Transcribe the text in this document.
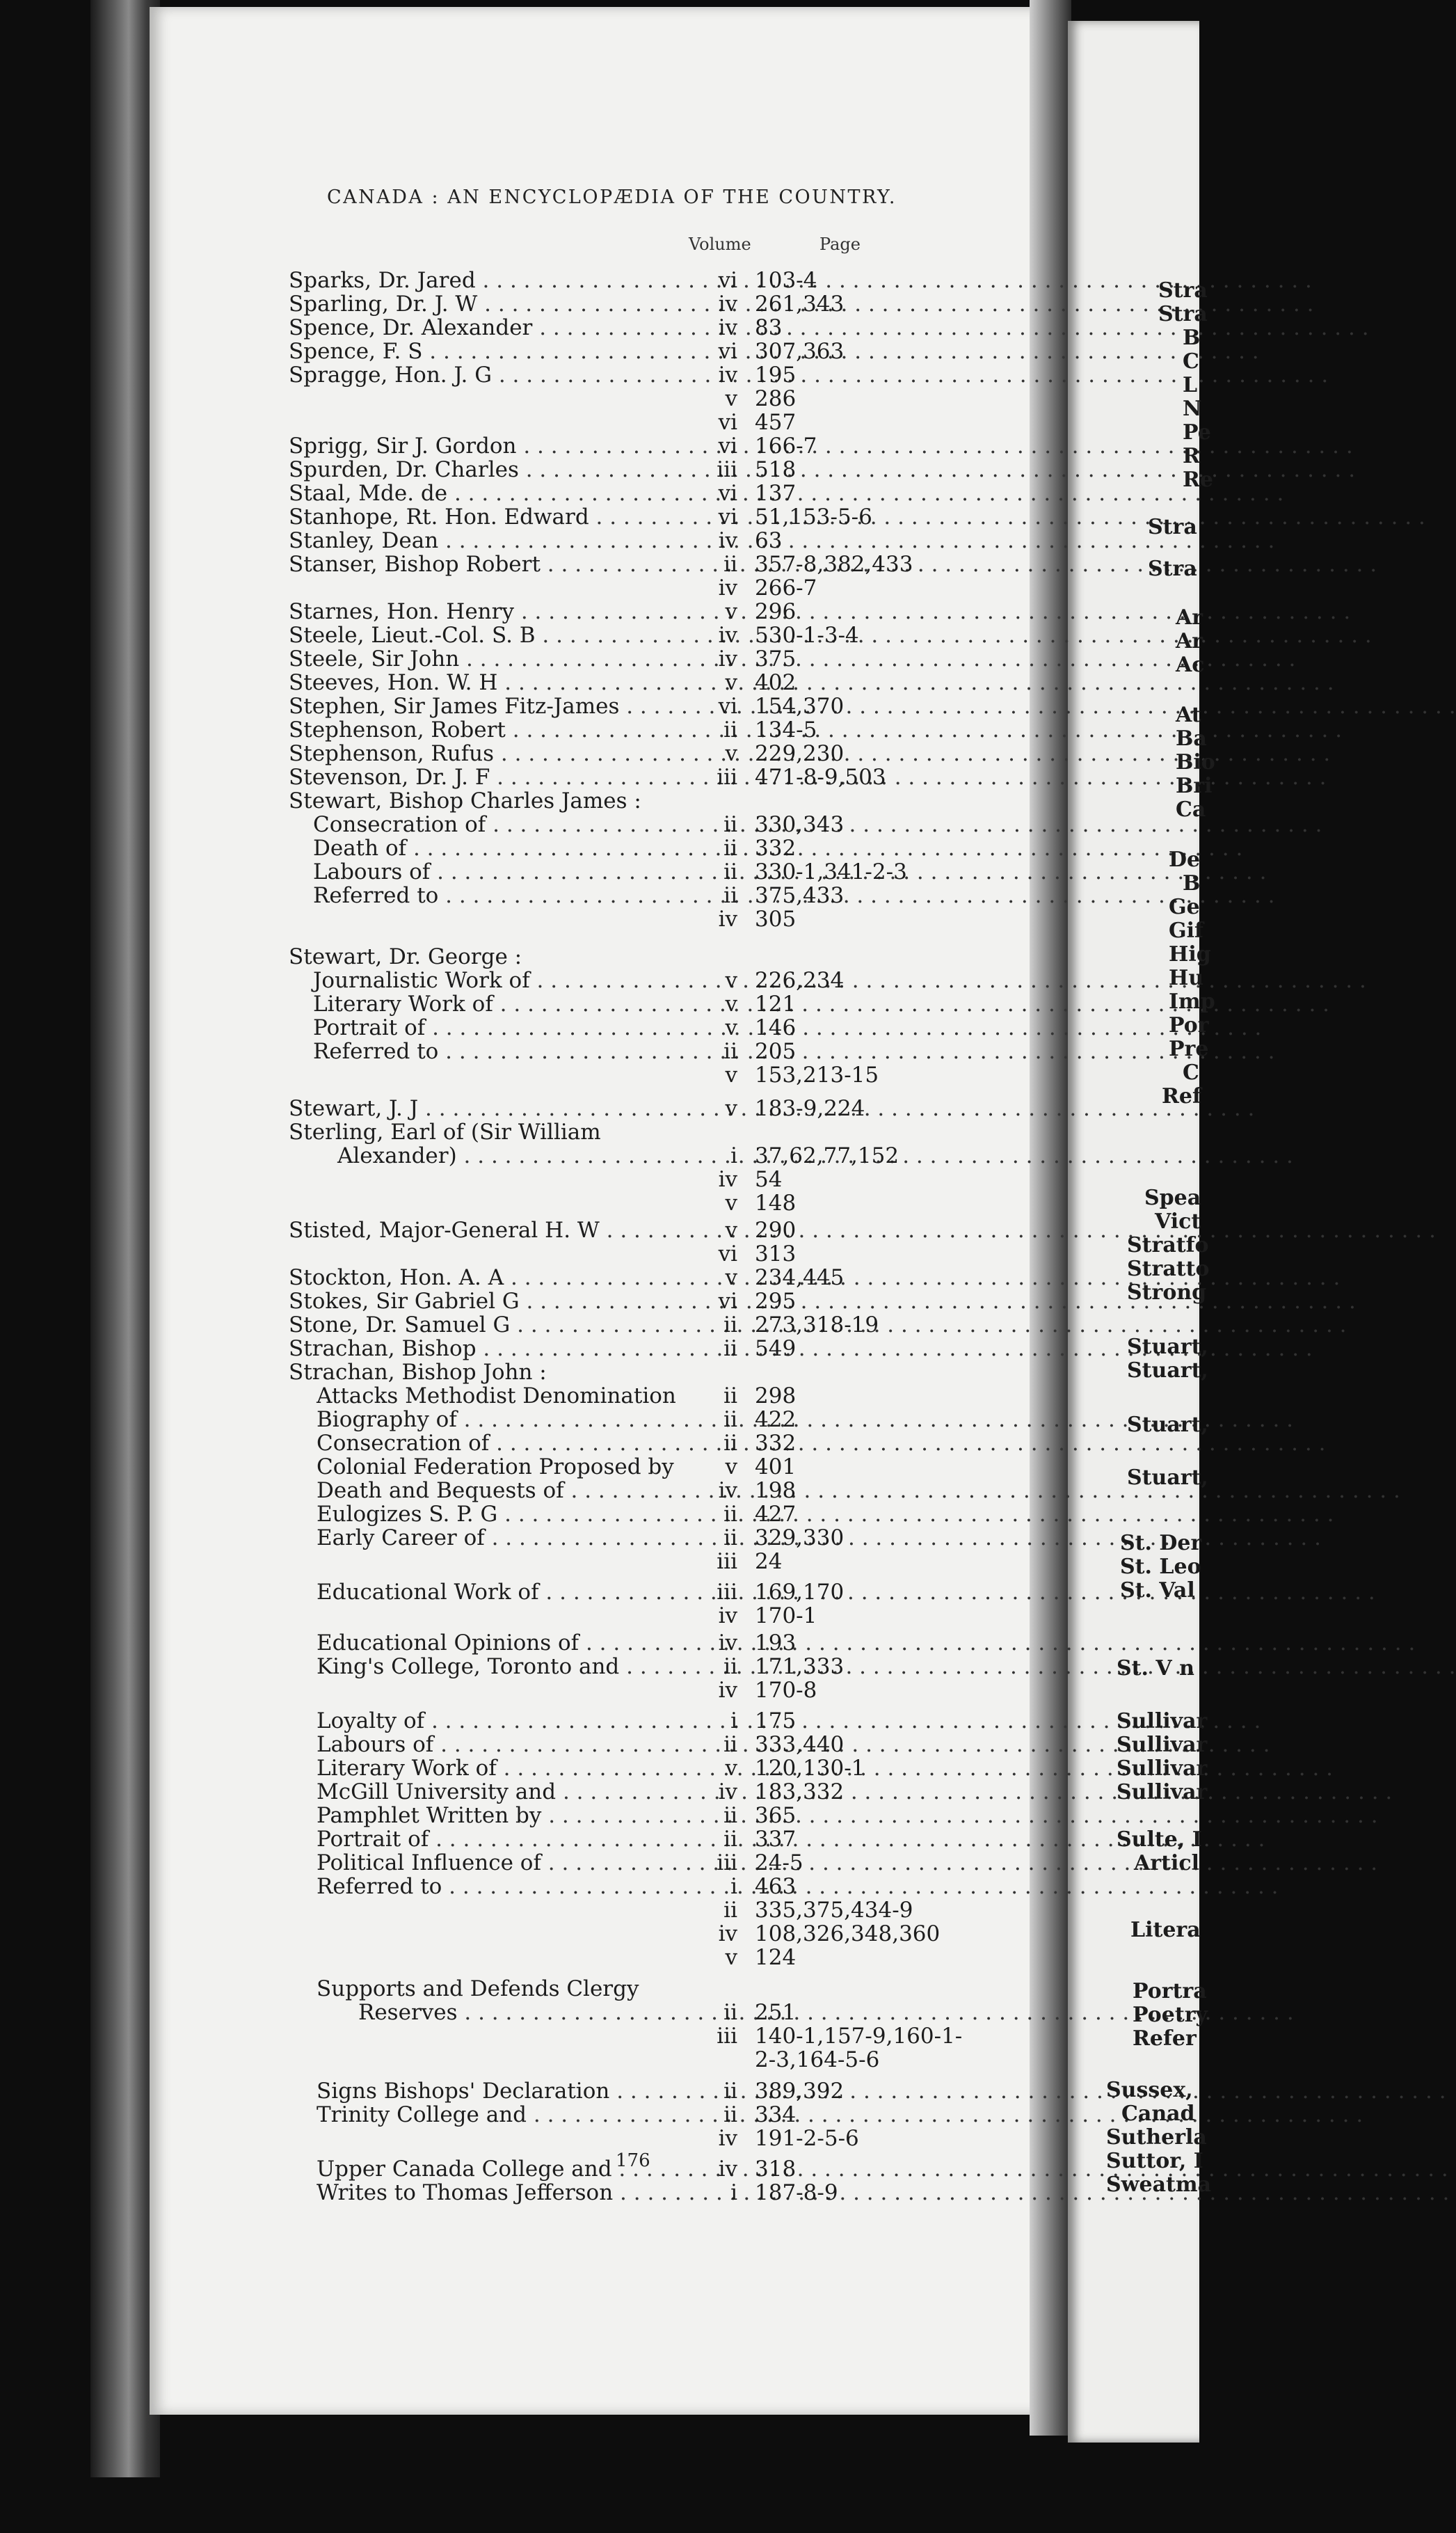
CANADA : AN ENCYCLOPÆDIA OF THE COUNTRY.
Volume	Page
Sparks, Dr. Jared . . .	vi 103-4
Sparling, Dr. J. W . . .	iv 261,343
Spence, Dr. Alexander . . .	iv 83
Spence, F. S . . .	vi 307,363
Spragge, Hon. J. G . . .	iv 195
v 286
vi 457
Sprigg, Sir J. Gordon . . .	vi 166-7
Spurden, Dr. Charles . . .	iii 518
Staal, Mde. de . . .	vi 137
Stanhope, Rt. Hon. Edward . . .	vi 51,153-5-6
Stanley, Dean . . .	iv 63
Stanser, Bishop Robert . . .	ii 357-8,382,433
iv 266-7
Starnes, Hon. Henry . . .	v 296
Steele, Lieut.-Col. S. B . . .	iv 530-1-3-4
Steele, Sir John . . .	iv 375
Steeves, Hon. W. H . . .	v 402
Stephen, Sir James Fitz-James . . .	vi 154,370
Stephenson, Robert . . .	ii 134-5
Stephenson, Rufus . . .	v 229,230
Stevenson, Dr. J. F . . .	iii 471-8-9,503
Stewart, Bishop Charles James :
Consecration of . . .	ii 330,343
Death of . . .	ii 332
Labours of . . .	ii 330-1,341-2-3
Referred to . . .	ii 375,433
iv 305
Stewart, Dr. George :
Journalistic Work of . . .	v 226,234
Literary Work of . . .	v 121
Portrait of . . .	v 146
Referred to . . .	ii 205
v 153,213-15
Stewart, J. J . . .	v 183-9,224
Sterling, Earl of (Sir William
Alexander) . . .	i 37,62,77,152
iv 54
v 148
Stisted, Major-General H. W . . .	v 290
vi 313
Stockton, Hon. A. A . . .	v 234,445
Stokes, Sir Gabriel G . . .	vi 295
Stone, Dr. Samuel G . . .	ii 273,318-19
Strachan, Bishop . . .	ii 549
Strachan, Bishop John :
Attacks Methodist Denomination	ii 298
Biography of . . .	ii 422
Consecration of . . .	ii 332
Colonial Federation Proposed by	v 401
Death and Bequests of . . .	iv 198
Eulogizes S. P. G . . .	ii 427
Early Career of . . .	ii 329,330
iii 24
Educational Work of . . .	iii 169,170
iv 170-1
Educational Opinions of . . .	iv 193
King's College, Toronto and . . .	ii 171,333
iv 170-8
Loyalty of . . .	i 175
Labours of . . .	ii 333,440
Literary Work of . . .	v 120,130-1
McGill University and . . .	iv 183,332
Pamphlet Written by . . .	ii 365
Portrait of . . .	ii 337
Political Influence of . . .	iii 24-5
Referred to . . .	i 463
ii 335,375,434-9
iv 108,326,348,360
v 124
Supports and Defends Clergy
Reserves . . .	ii 251
iii 140-1,157-9,160-1-
2-3,164-5-6
Signs Bishops' Declaration . . .	ii 389,392
Trinity College and . . .	ii 334
iv 191-2-5-6
Upper Canada College and . . .	iv 318
Writes to Thomas Jefferson . . .	i 187-8-9
Stra
Stra
B
C
L
N
Pe
R
Re
Stra
Stra
Ar
Ar
Ac
At
Ba
Bio
Bri
Ca
De
B
Ge
Gif
Hig
Hu
Imp
Por
Pre
C
Ref
Spea
Vict
Stratfo
Stratto
Strong
Stuart,
Stuart,
Stuart,
Stuart,
St. Der
St. Leo
St. Val
St. V n
Sullivar
Sullivar
Sullivar
Sullivar
Sulte, I
Articl
Litera
Portra
Poetry
Refer
Sussex,
Canad
Sutherla
Suttor, I
Sweatma
176
